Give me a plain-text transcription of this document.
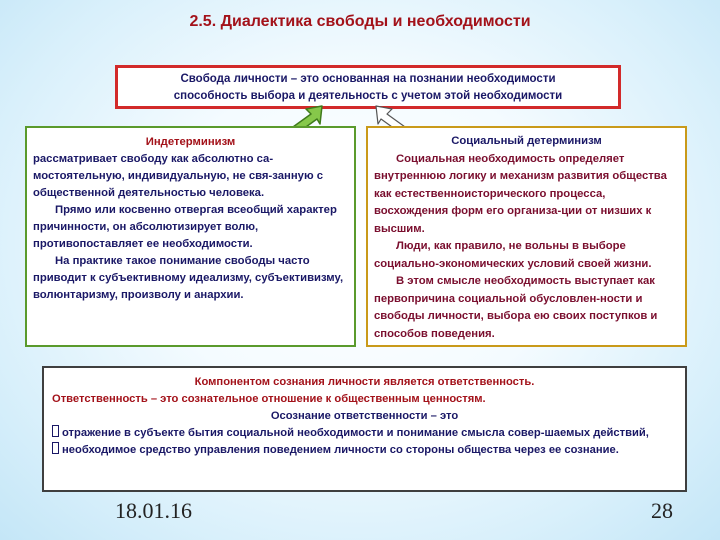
2.5. Диалектика свободы и необходимости
Свобода личности – это основанная на познании необходимости
способность выбора и деятельность с учетом этой необходимости
Индетерминизм
рассматривает свободу как абсолютно са-мостоятельную, индивидуальную, не свя-занную с общественной деятельностью человека.
Прямо или косвенно отвергая всеобщий характер причинности, он абсолютизирует волю, противопоставляет ее необходимости.
На практике такое понимание свободы часто приводит к субъективному идеализму, субъективизму, волюнтаризму, произволу и анархии.
Социальный детерминизм
Социальная необходимость определяет внутреннюю логику и механизм развития общества как естественноисторического процесса, восхождения форм его организа-ции от низших к высшим.
Люди, как правило, не вольны в выборе социально-экономических условий своей жизни.
В этом смысле необходимость выступает как первопричина социальной обусловлен-ности и свободы личности, выбора ею своих поступков и способов поведения.
Компонентом сознания личности является ответственность.
Ответственность – это сознательное отношение к общественным ценностям.
Осознание ответственности – это
отражение в субъекте бытия социальной необходимости и понимание смысла совер-шаемых действий,
необходимое средство управления поведением личности со стороны общества через ее сознание.
18.01.16	28
